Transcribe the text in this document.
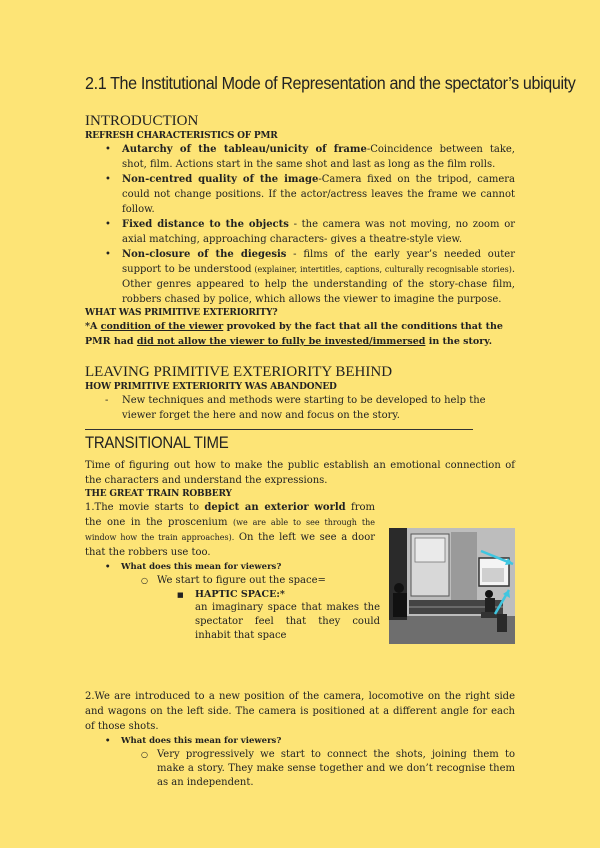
2.1 The Institutional Mode of Representation and the spectator’s ubiquity
INTRODUCTION

REFRESH CHARACTERISTICS OF PMR

• Autarchy of the tableau/unicity of frame-Coincidence between take, shot, film. Actions start in the same shot and last as long as the film rolls.
• Non-centred quality of the image-Camera fixed on the tripod, camera could not change positions. If the actor/actress leaves the frame we cannot follow.
• Fixed distance to the objects - the camera was not moving, no zoom or axial matching, approaching characters- gives a theatre-style view.
• Non-closure of the diegesis - films of the early year’s needed outer support to be understood (explainer, intertitles, captions, culturally recognisable stories). Other genres appeared to help the understanding of the story-chase film, robbers chased by police, which allows the viewer to imagine the purpose.

WHAT WAS PRIMITIVE EXTERIORITY?

*A condition of the viewer provoked by the fact that all the conditions that the PMR had did not allow the viewer to fully be invested/immersed in the story.

LEAVING PRIMITIVE EXTERIORITY BEHIND

HOW PRIMITIVE EXTERIORITY WAS ABANDONED

- New techniques and methods were starting to be developed to help the viewer forget the here and now and focus on the story.
TRANSITIONAL TIME

Time of figuring out how to make the public establish an emotional connection of the characters and understand the expressions.

THE GREAT TRAIN ROBBERY

1.The movie starts to depict an exterior world from the one in the proscenium (we are able to see through the window how the train approaches). On the left we see a door that the robbers use too.

• What does this mean for viewers?
○ We start to figure out the space=
■ HAPTIC SPACE:*
an imaginary space that makes the spectator feel that they could inhabit that space

2.We are introduced to a new position of the camera, locomotive on the right side and wagons on the left side. The camera is positioned at a different angle for each of those shots.

• What does this mean for viewers?
○ Very progressively we start to connect the shots, joining them to make a story. They make sense together and we don’t recognise them as an independent.
